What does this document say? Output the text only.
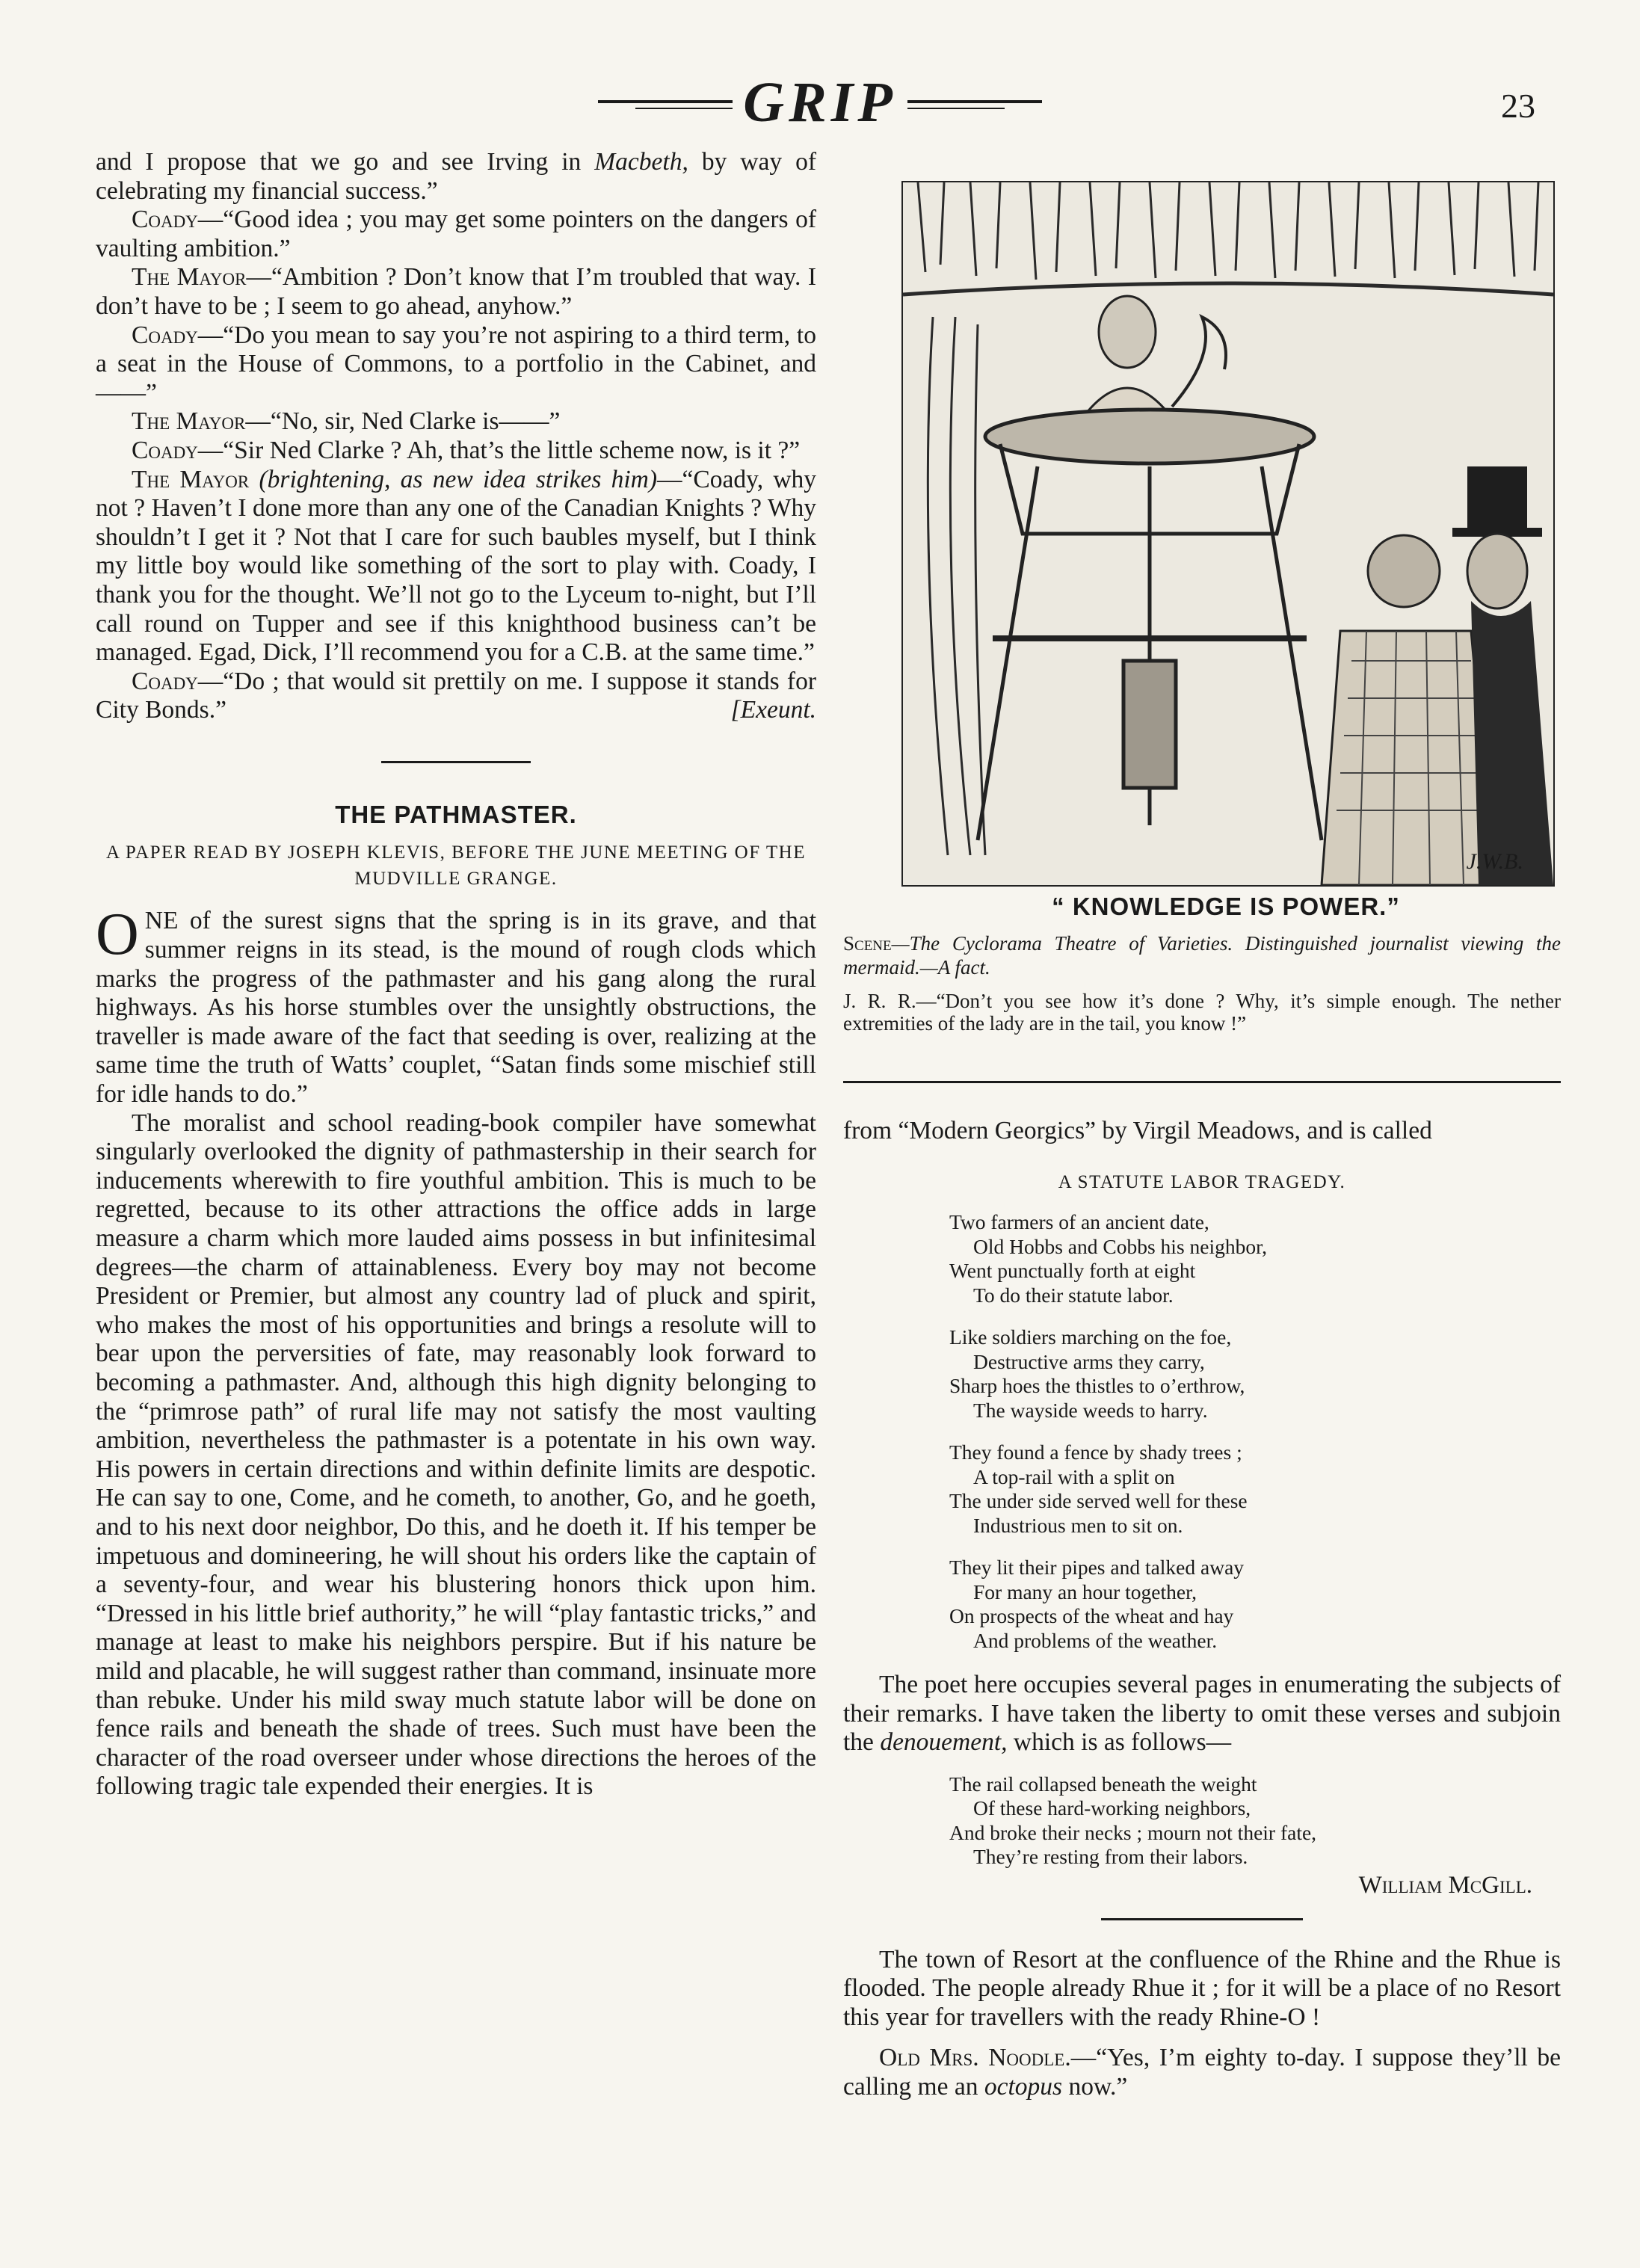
GRIP	23

and I propose that we go and see Irving in Macbeth, by way of celebrating my financial success.”

Coady—“Good idea ; you may get some pointers on the dangers of vaulting ambition.”

The Mayor—“Ambition ? Don’t know that I’m troubled that way. I don’t have to be ; I seem to go ahead, anyhow.”

Coady—“Do you mean to say you’re not aspiring to a third term, to a seat in the House of Commons, to a portfolio in the Cabinet, and——”

The Mayor—“No, sir, Ned Clarke is——”

Coady—“Sir Ned Clarke ? Ah, that’s the little scheme now, is it ?”

The Mayor (brightening, as new idea strikes him)—“Coady, why not ? Haven’t I done more than any one of the Canadian Knights ? Why shouldn’t I get it ? Not that I care for such baubles myself, but I think my little boy would like something of the sort to play with. Coady, I thank you for the thought. We’ll not go to the Lyceum to-night, but I’ll call round on Tupper and see if this knighthood business can’t be managed. Egad, Dick, I’ll recommend you for a C.B. at the same time.”

Coady—“Do ; that would sit prettily on me. I suppose it stands for City Bonds.”	[Exeunt.

THE PATHMASTER.
A PAPER READ BY JOSEPH KLEVIS, BEFORE THE JUNE MEETING OF THE MUDVILLE GRANGE.

ONE of the surest signs that the spring is in its grave, and that summer reigns in its stead, is the mound of rough clods which marks the progress of the pathmaster and his gang along the rural highways. As his horse stumbles over the unsightly obstructions, the traveller is made aware of the fact that seeding is over, realizing at the same time the truth of Watts’ couplet, “Satan finds some mischief still for idle hands to do.”

The moralist and school reading-book compiler have somewhat singularly overlooked the dignity of pathmastership in their search for inducements wherewith to fire youthful ambition. This is much to be regretted, because to its other attractions the office adds in large measure a charm which more lauded aims possess in but infinitesimal degrees—the charm of attainableness. Every boy may not become President or Premier, but almost any country lad of pluck and spirit, who makes the most of his opportunities and brings a resolute will to bear upon the perversities of fate, may reasonably look forward to becoming a pathmaster. And, although this high dignity belonging to the “primrose path” of rural life may not satisfy the most vaulting ambition, nevertheless the pathmaster is a potentate in his own way. His powers in certain directions and within definite limits are despotic. He can say to one, Come, and he cometh, to another, Go, and he goeth, and to his next door neighbor, Do this, and he doeth it. If his temper be impetuous and domineering, he will shout his orders like the captain of a seventy-four, and wear his blustering honors thick upon him. “Dressed in his little brief authority,” he will “play fantastic tricks,” and manage at least to make his neighbors perspire. But if his nature be mild and placable, he will suggest rather than command, insinuate more than rebuke. Under his mild sway much statute labor will be done on fence rails and beneath the shade of trees. Such must have been the character of the road overseer under whose directions the heroes of the following tragic tale expended their energies. It is

J.W.B.
“ KNOWLEDGE IS POWER.”
Scene—The Cyclorama Theatre of Varieties. Distinguished journalist viewing the mermaid.—A fact.
J. R. R.—“Don’t you see how it’s done ? Why, it’s simple enough. The nether extremities of the lady are in the tail, you know !”

from “Modern Georgics” by Virgil Meadows, and is called

A STATUTE LABOR TRAGEDY.
Two farmers of an ancient date,
Old Hobbs and Cobbs his neighbor,
Went punctually forth at eight
To do their statute labor.
Like soldiers marching on the foe,
Destructive arms they carry,
Sharp hoes the thistles to o’erthrow,
The wayside weeds to harry.
They found a fence by shady trees ;
A top-rail with a split on
The under side served well for these
Industrious men to sit on.
They lit their pipes and talked away
For many an hour together,
On prospects of the wheat and hay
And problems of the weather.

The poet here occupies several pages in enumerating the subjects of their remarks. I have taken the liberty to omit these verses and subjoin the denouement, which is as follows—

The rail collapsed beneath the weight
Of these hard-working neighbors,
And broke their necks ; mourn not their fate,
They’re resting from their labors.
William McGill.

The town of Resort at the confluence of the Rhine and the Rhue is flooded. The people already Rhue it ; for it will be a place of no Resort this year for travellers with the ready Rhine-O !

Old Mrs. Noodle.—“Yes, I’m eighty to-day. I suppose they’ll be calling me an octopus now.”
